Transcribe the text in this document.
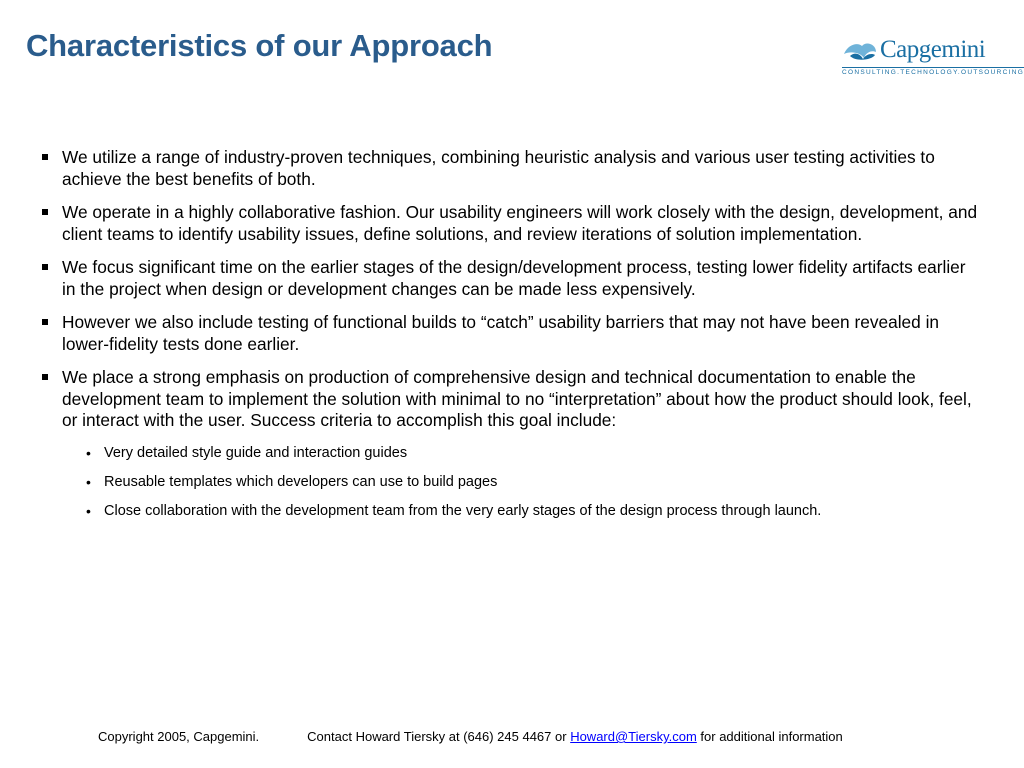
Characteristics of our Approach	Capgemini
CONSULTING.TECHNOLOGY.OUTSOURCING
We utilize a range of industry-proven techniques, combining heuristic analysis and various user testing activities to achieve the best benefits of both.
We operate in a highly collaborative fashion. Our usability engineers will work closely with the design, development, and client teams to identify usability issues, define solutions, and review iterations of solution implementation.
We focus significant time on the earlier stages of the design/development process, testing lower fidelity artifacts earlier in the project when design or development changes can be made less expensively.
However we also include testing of functional builds to “catch” usability barriers that may not have been revealed in lower-fidelity tests done earlier.
We place a strong emphasis on production of comprehensive design and technical documentation to enable the development team to implement the solution with minimal to no “interpretation” about how the product should look, feel, or interact with the user. Success criteria to accomplish this goal include:
• Very detailed style guide and interaction guides
• Reusable templates which developers can use to build pages
• Close collaboration with the development team from the very early stages of the design process through launch.
Copyright 2005, Capgemini.	Contact Howard Tiersky at (646) 245 4467 or Howard@Tiersky.com for additional information
